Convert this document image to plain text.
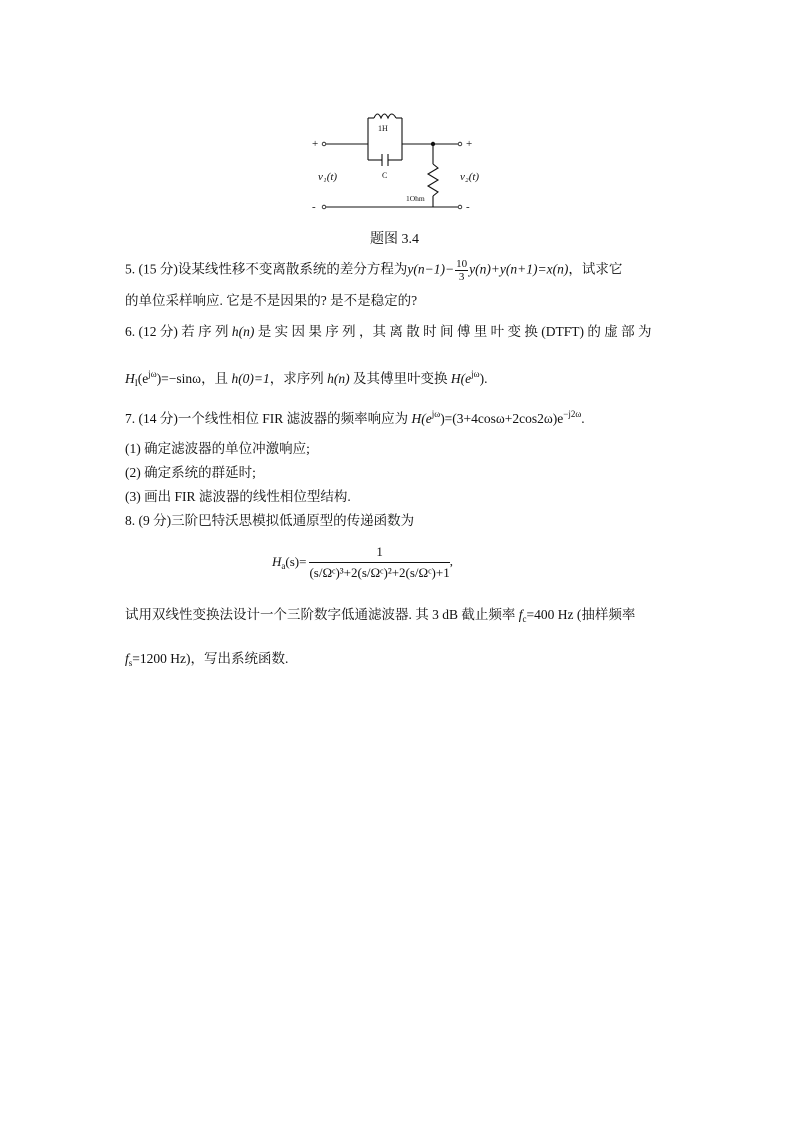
+
-
+
-
1H
C
1Ohm
v₁(t)	v₂(t)
题图 3.4
5. (15 分)设某线性移不变离散系统的差分方程为$y(n-1)- \frac{10}{3} y(n)+y(n+1)=x(n)$，试求它
的单位采样响应. 它是不是因果的? 是不是稳定的?
6. (12 分) 若 序 列 h(n) 是 实 因 果 序 列 ，其 离 散 时 间 傅 里 叶 变 换 (DTFT) 的 虚 部 为
$H_I(e^{j\omega})=-\sin\omega$，且 h(0)=1，求序列 h(n) 及其傅里叶变换 $H(e^{j\omega})$.
7. (14 分)一个线性相位 FIR 滤波器的频率响应为 $H(e^{j\omega})=(3+4\cos\omega+2\cos 2\omega)e^{-j2\omega}$.
(1) 确定滤波器的单位冲激响应;
(2) 确定系统的群延时;
(3) 画出 FIR 滤波器的线性相位型结构.
8. (9 分)三阶巴特沃思模拟低通原型的传递函数为
$H_a(s)= \frac{1}{\text{(s/Ωᶜ)³+2(s/Ωᶜ)²+2(s/Ωᶜ)+1}}$ ,
试用双线性变换法设计一个三阶数字低通滤波器. 其 3 dB 截止频率 $f_c=400$ Hz (抽样频率
$f_s=1200$ Hz)，写出系统函数.
